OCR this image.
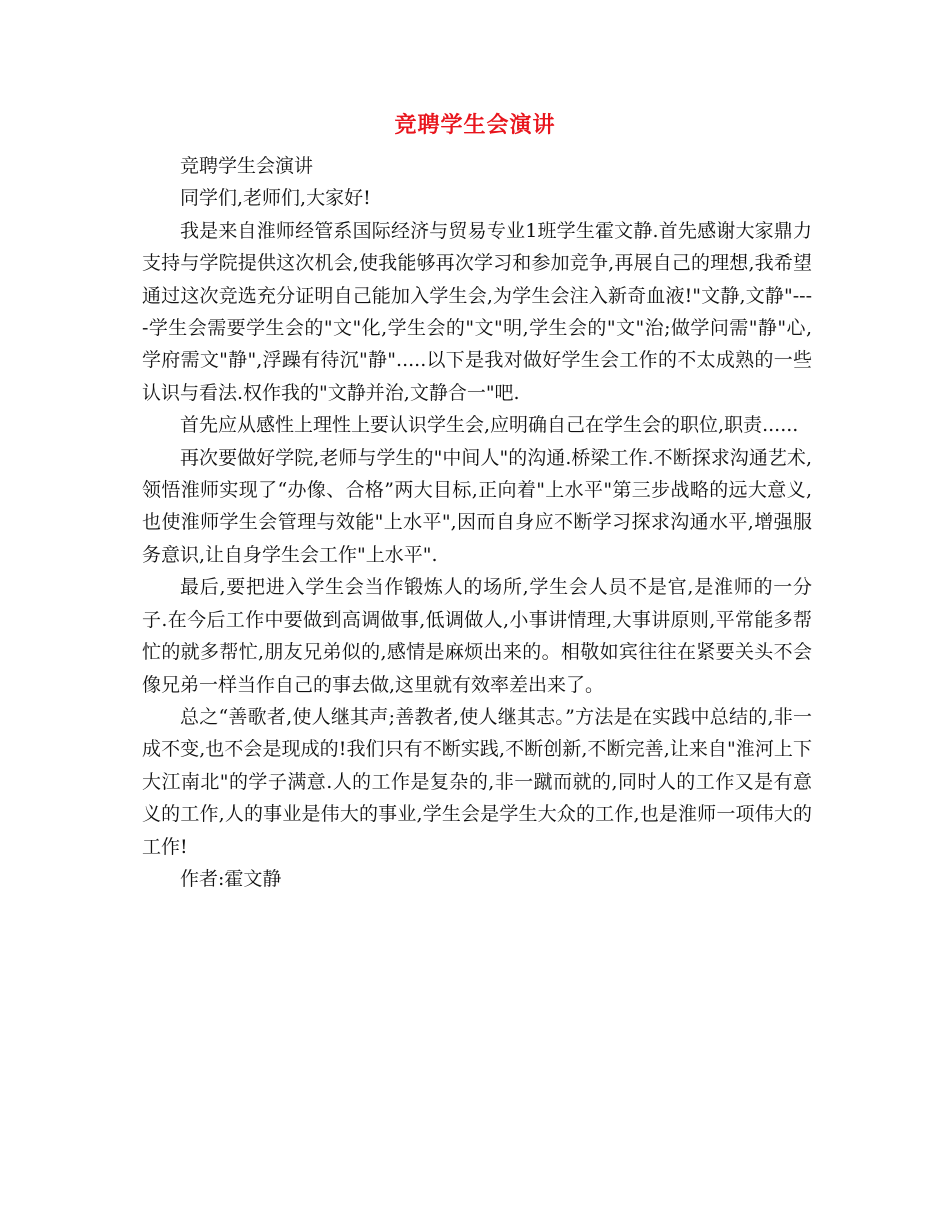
竞聘学生会演讲

竞聘学生会演讲

同学们,老师们,大家好!

我是来自淮师经管系国际经济与贸易专业1班学生霍文静.首先感谢大家鼎力支持与学院提供这次机会,使我能够再次学习和参加竞争,再展自己的理想,我希望通过这次竞选充分证明自己能加入学生会,为学生会注入新奇血液!"文静,文静"----学生会需要学生会的"文"化,学生会的"文"明,学生会的"文"治;做学问需"静"心,学府需文"静",浮躁有待沉"静".....以下是我对做好学生会工作的不太成熟的一些认识与看法.权作我的"文静并治,文静合一"吧.

首先应从感性上理性上要认识学生会,应明确自己在学生会的职位,职责......

再次要做好学院,老师与学生的"中间人"的沟通.桥梁工作.不断探求沟通艺术,领悟淮师实现了“办像、合格”两大目标,正向着"上水平"第三步战略的远大意义,也使淮师学生会管理与效能"上水平",因而自身应不断学习探求沟通水平,增强服务意识,让自身学生会工作"上水平".

最后,要把进入学生会当作锻炼人的场所,学生会人员不是官,是淮师的一分子.在今后工作中要做到高调做事,低调做人,小事讲情理,大事讲原则,平常能多帮忙的就多帮忙,朋友兄弟似的,感情是麻烦出来的。相敬如宾往往在紧要关头不会像兄弟一样当作自己的事去做,这里就有效率差出来了。

总之“善歌者,使人继其声;善教者,使人继其志。”方法是在实践中总结的,非一成不变,也不会是现成的!我们只有不断实践,不断创新,不断完善,让来自"淮河上下大江南北"的学子满意.人的工作是复杂的,非一蹴而就的,同时人的工作又是有意义的工作,人的事业是伟大的事业,学生会是学生大众的工作,也是淮师一项伟大的工作!

作者:霍文静
